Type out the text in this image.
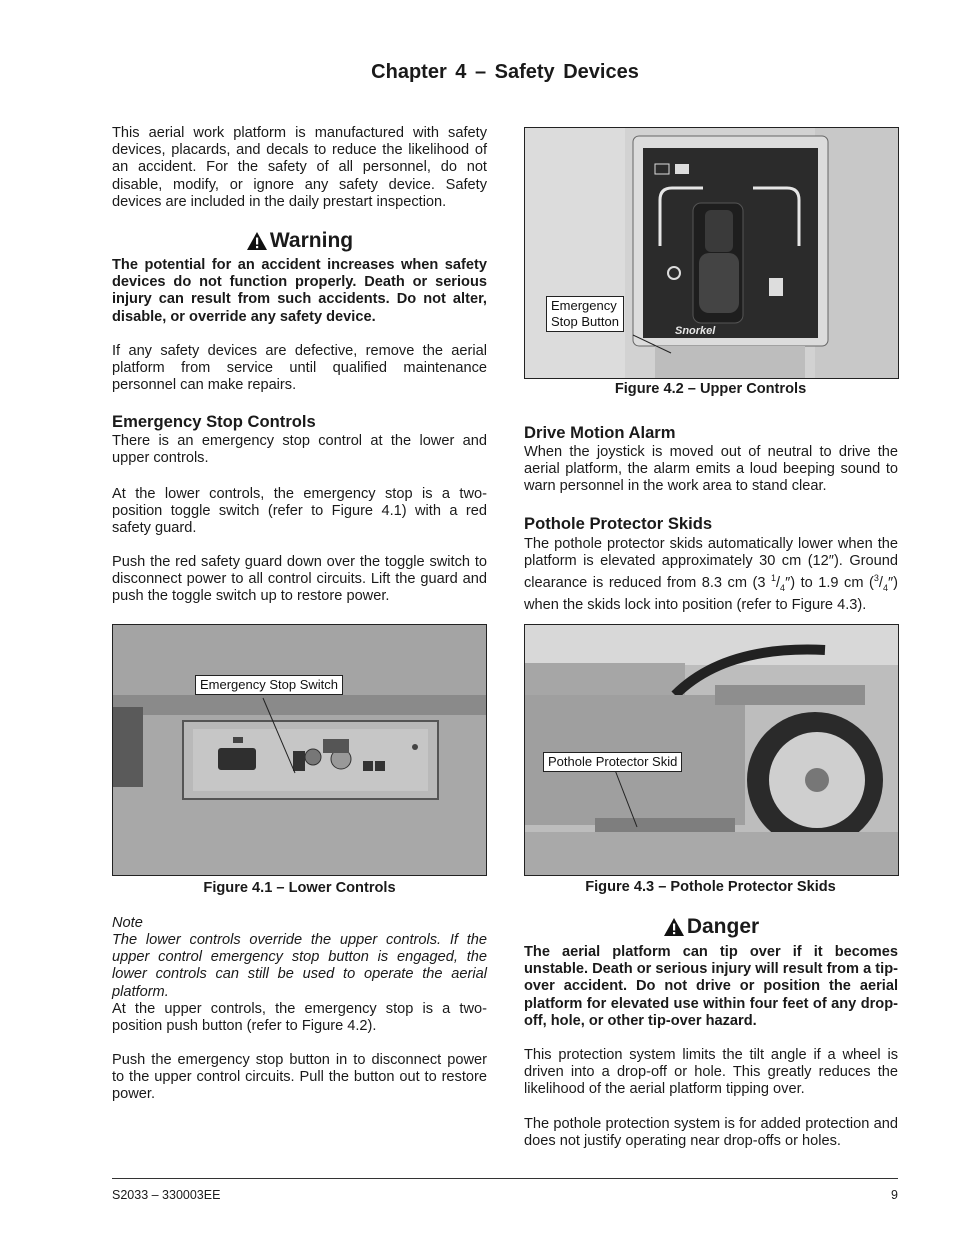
Chapter 4 – Safety Devices
This aerial work platform is manufactured with safety devices, placards, and decals to reduce the likelihood of an accident. For the safety of all personnel, do not disable, modify, or ignore any safety device. Safety devices are included in the daily prestart inspection.
Warning
The potential for an accident increases when safety devices do not function properly. Death or serious injury can result from such accidents. Do not alter, disable, or override any safety device.
If any safety devices are defective, remove the aerial platform from service until qualified maintenance personnel can make repairs.
Emergency Stop Controls
There is an emergency stop control at the lower and upper controls.
At the lower controls, the emergency stop is a two-position toggle switch (refer to Figure 4.1) with a red safety guard.
Push the red safety guard down over the toggle switch to disconnect power to all control circuits. Lift the guard and push the toggle switch up to restore power.
Emergency Stop Switch
Figure 4.1 – Lower Controls
Note
The lower controls override the upper controls. If the upper control emergency stop button is engaged, the lower controls can still be used to operate the aerial platform.
At the upper controls, the emergency stop is a two-position push button (refer to Figure 4.2).
Push the emergency stop button in to disconnect power to the upper control circuits. Pull the button out to restore power.
Snorkel
Emergency
Stop Button
Figure 4.2 – Upper Controls
Drive Motion Alarm
When the joystick is moved out of neutral to drive the aerial platform, the alarm emits a loud beeping sound to warn personnel in the work area to stand clear.
Pothole Protector Skids
The pothole protector skids automatically lower when the platform is elevated approximately 30 cm (12″). Ground clearance is reduced from 8.3 cm (3 $^1/_4''$) to 1.9 cm $(^3/_4'')$ when the skids lock into position (refer to Figure 4.3).
Pothole Protector Skid
Figure 4.3 – Pothole Protector Skids
Danger
The aerial platform can tip over if it becomes unstable. Death or serious injury will result from a tip-over accident. Do not drive or position the aerial platform for elevated use within four feet of any drop-off, hole, or other tip-over hazard.
This protection system limits the tilt angle if a wheel is driven into a drop-off or hole. This greatly reduces the likelihood of the aerial platform tipping over.
The pothole protection system is for added protection and does not justify operating near drop-offs or holes.
S2033 – 330003EE	9
